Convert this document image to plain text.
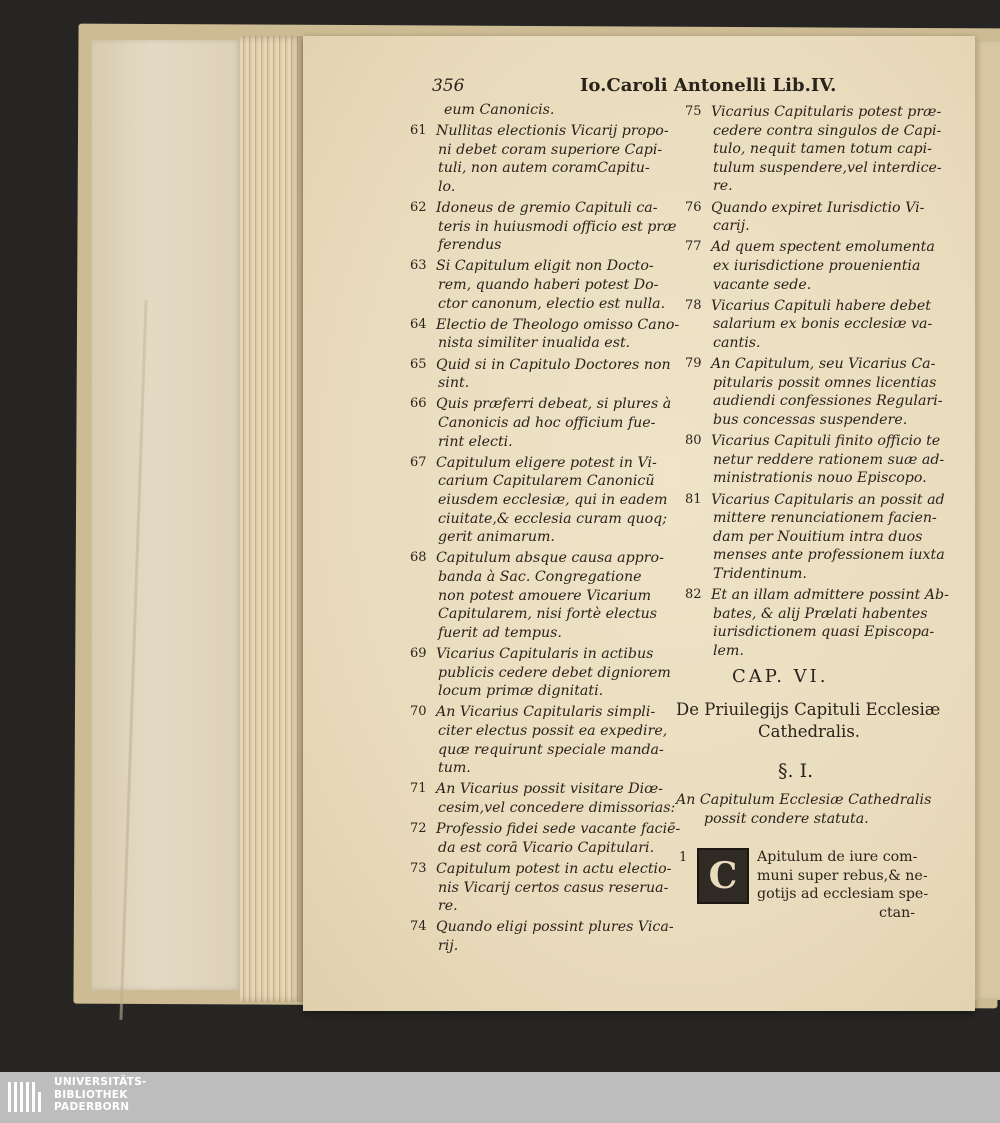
356	Io.Caroli Antonelli Lib.IV.
eum Canonicis.
61 Nullitas electionis Vicarij propo-
ni debet coram superiore Capi-
tuli, non autem coramCapitu-
lo.
62 Idoneus de gremio Capituli ca-
teris in huiusmodi officio est præ
ferendus
63 Si Capitulum eligit non Docto-
rem, quando haberi potest Do-
ctor canonum, electio est nulla.
64 Electio de Theologo omisso Cano-
nista similiter inualida est.
65 Quid si in Capitulo Doctores non
sint.
66 Quis præferri debeat, si plures à
Canonicis ad hoc officium fue-
rint electi.
67 Capitulum eligere potest in Vi-
carium Capitularem Canonicũ
eiusdem ecclesiæ, qui in eadem
ciuitate,& ecclesia curam quoq;
gerit animarum.
68 Capitulum absque causa appro-
banda à Sac. Congregatione
non potest amouere Vicarium
Capitularem, nisi fortè electus
fuerit ad tempus.
69 Vicarius Capitularis in actibus
publicis cedere debet digniorem
locum primæ dignitati.
70 An Vicarius Capitularis simpli-
citer electus possit ea expedire,
quæ requirunt speciale manda-
tum.
71 An Vicarius possit visitare Diœ-
cesim,vel concedere dimissorias:
72 Professio fidei sede vacante faciē-
da est corā Vicario Capitulari.
73 Capitulum potest in actu electio-
nis Vicarij certos casus reserua-
re.
74 Quando eligi possint plures Vica-
rij.
75 Vicarius Capitularis potest præ-
cedere contra singulos de Capi-
tulo, nequit tamen totum capi-
tulum suspendere,vel interdice-
re.
76 Quando expiret Iurisdictio Vi-
carij.
77 Ad quem spectent emolumenta
ex iurisdictione prouenientia
vacante sede.
78 Vicarius Capituli habere debet
salarium ex bonis ecclesiæ va-
cantis.
79 An Capitulum, seu Vicarius Ca-
pitularis possit omnes licentias
audiendi confessiones Regulari-
bus concessas suspendere.
80 Vicarius Capituli finito officio te
netur reddere rationem suæ ad-
ministrationis nouo Episcopo.
81 Vicarius Capitularis an possit ad
mittere renunciationem facien-
dam per Nouitium intra duos
menses ante professionem iuxta
Tridentinum.
82 Et an illam admittere possint Ab-
bates, & alij Prælati habentes
iurisdictionem quasi Episcopa-
lem.
CAP. VI.
De Priuilegijs Capituli Ecclesiæ
Cathedralis.
§. I.
An Capitulum Ecclesiæ Cathedralis
possit condere statuta.
1 C	Apitulum de iure com-
muni super rebus,& ne-
gotijs ad ecclesiam spe-
ctan-
UNIVERSITÄTS-
BIBLIOTHEK
PADERBORN
